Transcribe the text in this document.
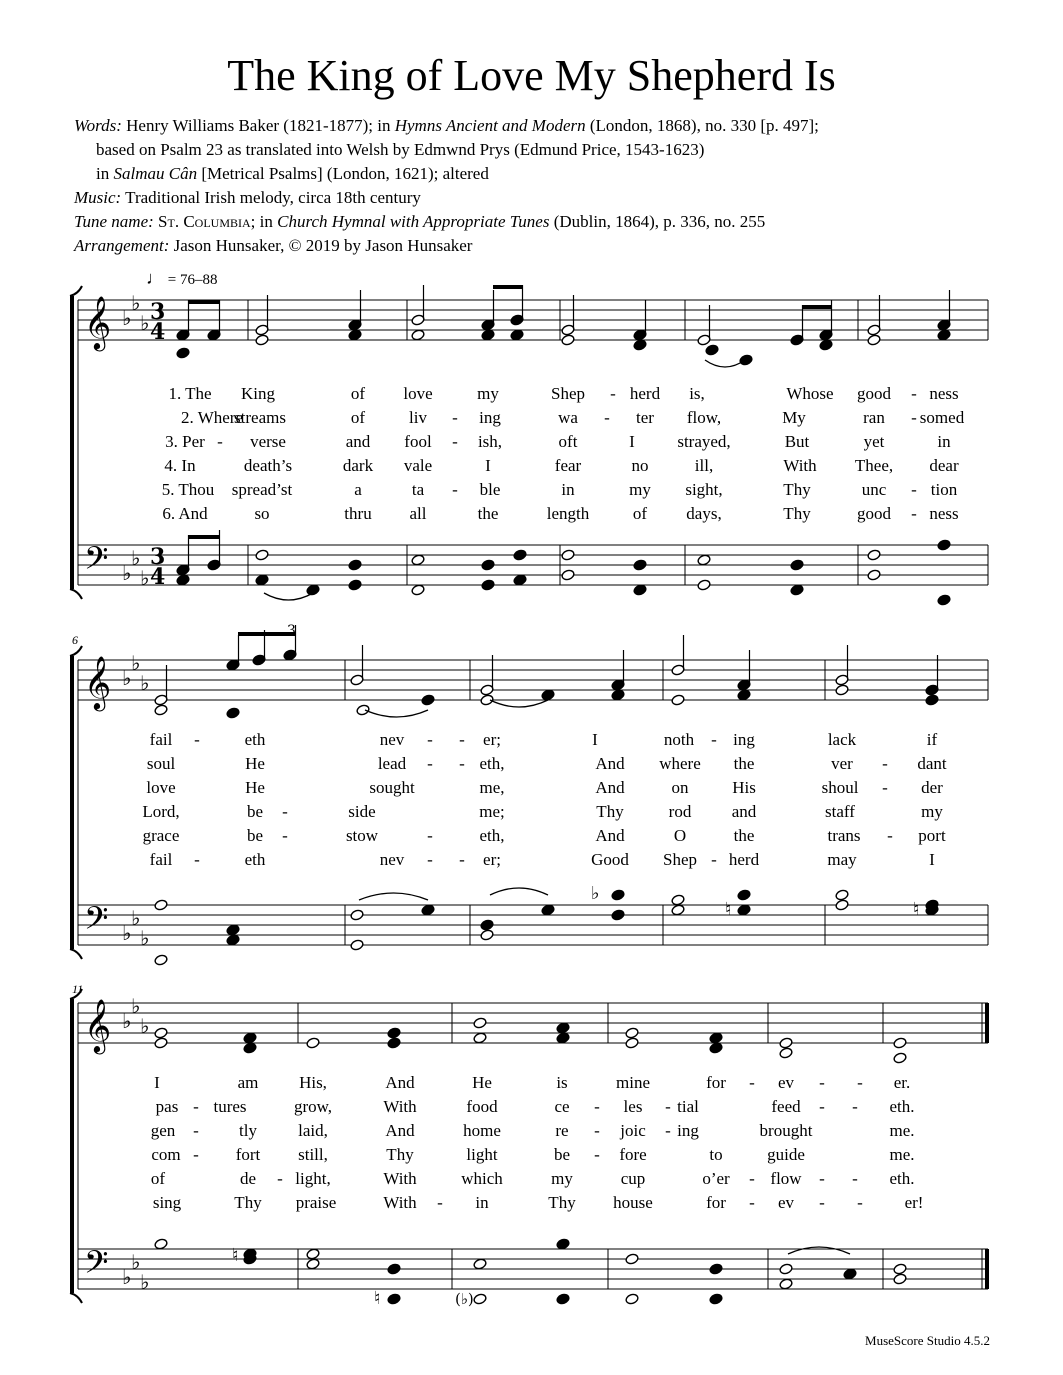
The King of Love My Shepherd Is
Words: Henry Williams Baker (1821-1877); in Hymns Ancient and Modern (London, 1868), no. 330 [p. 497];
based on Psalm 23 as translated into Welsh by Edmwnd Prys (Edmund Price, 1543-1623)
in Salmau Cân [Metrical Psalms] (London, 1621); altered
Music: Traditional Irish melody, circa 18th century
Tune name: St. Columbia; in Church Hymnal with Appropriate Tunes (Dublin, 1864), p. 336, no. 255
Arrangement: Jason Hunsaker, © 2019 by Jason Hunsaker
♩ = 76–88
𝄞
𝄢
♭
♭
♭
♭
♭
♭
3
4
3
4
𝄞
𝄢
♭
♭
♭
♭
♭
♭
𝄞
𝄢
♭
♭
♭
♭
♭
♭
3
♭
♮	♮
♮
♮	(♭)
1. The King	of love	my	Shep - herd is,	Whose good - ness
2. Where
streams	of	liv - ing	wa - ter flow,	My	ran - somed
3. Per - verse	and fool - ish,	oft	I strayed,	But	yet	in
4. In	death’s	dark vale	I	fear	no	ill,	With Thee, dear
5. Thou spread’st	a	ta - ble	in	my sight,	Thy	unc - tion
6. And	so	thru all	the	length	of days,	Thy	good - ness
fail -	eth	nev - - er;	I	noth - ing	lack	if
soul	He	lead - - eth,	And where the	ver - dant
love	He	sought	me,	And	on	His	shoul - der
Lord,	be -	side	me;	Thy	rod and	staff	my
grace	be -	stow	-	eth,	And	O	the	trans - port
fail -	eth	nev - - er;	Good Shep - herd	may	I
I	am His,	And	He	is	mine	for - ev - - er.
pas - tures	grow,	With	food	ce - les - tial	feed - - eth.
gen - tly laid,	And	home	re - joic - ing	brought	me.
com - fort still,	Thy	light	be - fore	to	guide	me.
of	de - light,	With	which	my	cup	o’er - flow - - eth.
sing	Thy praise	With - in	Thy house	for - ev - - er!
6
11
MuseScore Studio 4.5.2
